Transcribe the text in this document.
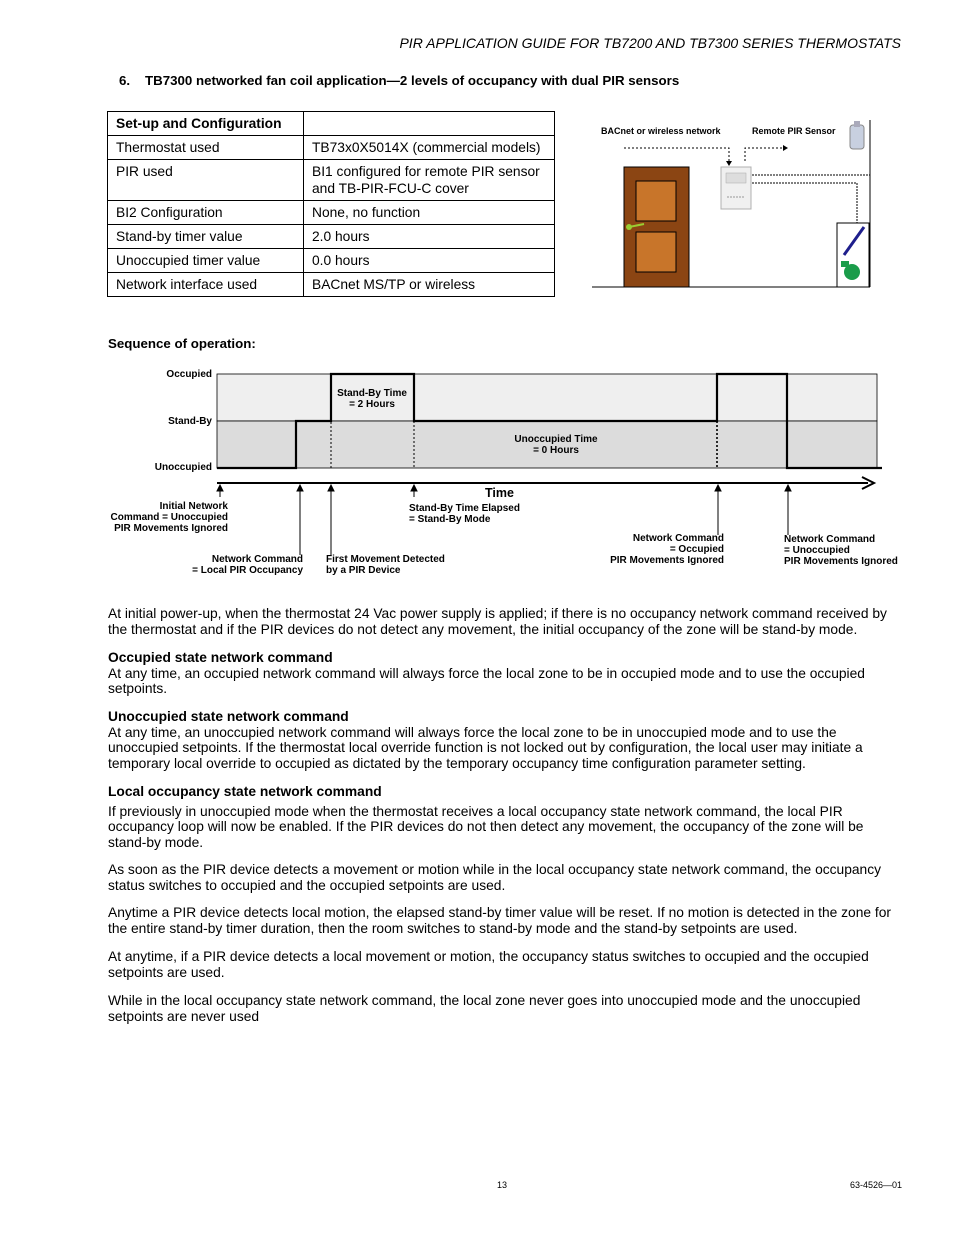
PIR APPLICATION GUIDE FOR TB7200 AND TB7300 SERIES THERMOSTATS
6. TB7300 networked fan coil application—2 levels of occupancy with dual PIR sensors
Set-up and Configuration	
Thermostat used	TB73x0X5014X (commercial models)
PIR used	BI1 configured for remote PIR sensor and TB-PIR-FCU-C cover
BI2 Configuration	None, no function
Stand-by timer value	2.0 hours
Unoccupied timer value	0.0 hours
Network interface used	BACnet MS/TP or wireless
BACnet or wireless network	Remote PIR Sensor
Sequence of operation:
Occupied
Stand-By
Unoccupied
Stand-By Time
= 2 Hours
Unoccupied Time
= 0 Hours
Time
Initial Network
Command = Unoccupied
PIR Movements Ignored
Network Command
= Local PIR Occupancy
First Movement Detected
by a PIR Device
Stand-By Time Elapsed
= Stand-By Mode
Network Command
= Occupied
PIR Movements Ignored
Network Command
= Unoccupied
PIR Movements Ignored

At initial power-up, when the thermostat 24 Vac power supply is applied; if there is no occupancy network command received by the thermostat and if the PIR devices do not detect any movement, the initial occupancy of the zone will be stand-by mode.

Occupied state network command

At any time, an occupied network command will always force the local zone to be in occupied mode and to use the occupied setpoints.

Unoccupied state network command

At any time, an unoccupied network command will always force the local zone to be in unoccupied mode and to use the unoccupied setpoints. If the thermostat local override function is not locked out by configuration, the local user may initiate a temporary local override to occupied as dictated by the temporary occupancy time configuration parameter setting.

Local occupancy state network command

If previously in unoccupied mode when the thermostat receives a local occupancy state network command, the local PIR occupancy loop will now be enabled. If the PIR devices do not then detect any movement, the occupancy of the zone will be stand-by mode.

As soon as the PIR device detects a movement or motion while in the local occupancy state network command, the occupancy status switches to occupied and the occupied setpoints are used.

Anytime a PIR device detects local motion, the elapsed stand-by timer value will be reset. If no motion is detected in the zone for the entire stand-by timer duration, then the room switches to stand-by mode and the stand-by setpoints are used.

At anytime, if a PIR device detects a local movement or motion, the occupancy status switches to occupied and the occupied setpoints are used.

While in the local occupancy state network command, the local zone never goes into unoccupied mode and the unoccupied setpoints are never used

13	63-4526—01
